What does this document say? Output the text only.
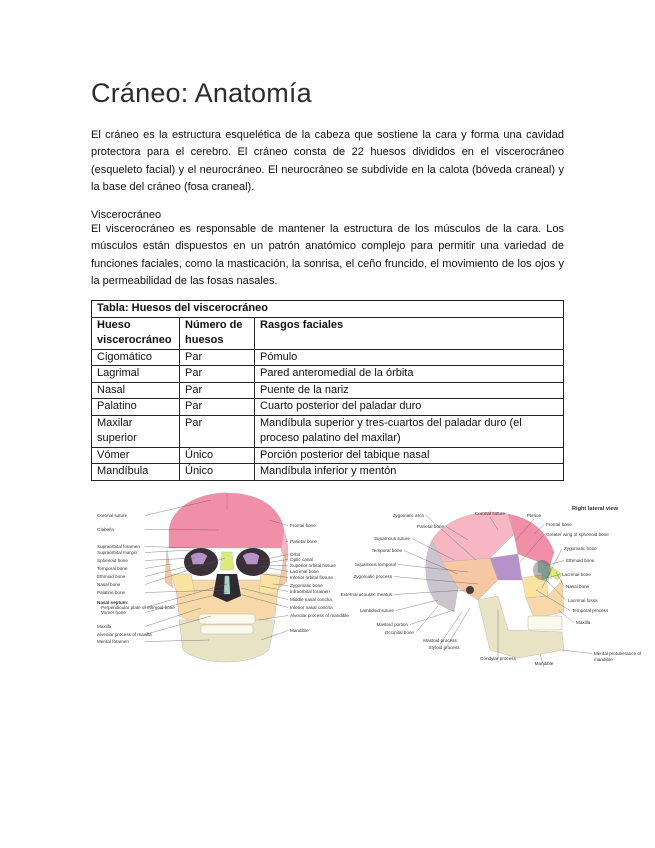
Cráneo: Anatomía

El cráneo es la estructura esquelética de la cabeza que sostiene la cara y forma una cavidad protectora para el cerebro. El cráneo consta de 22 huesos divididos en el viscerocráneo (esqueleto facial) y el neurocráneo. El neurocráneo se subdivide en la calota (bóveda craneal) y la base del cráneo (fosa craneal).

Viscerocráneo

El viscerocráneo es responsable de mantener la estructura de los músculos de la cara. Los músculos están dispuestos en un patrón anatómico complejo para permitir una variedad de funciones faciales, como la masticación, la sonrisa, el ceño fruncido, el movimiento de los ojos y la permeabilidad de las fosas nasales.

Tabla: Huesos del viscerocráneo		
Hueso viscerocráneo	Número de huesos	Rasgos faciales
Cigomático	Par	Pómulo
Lagrimal	Par	Pared anteromedial de la órbita
Nasal	Par	Puente de la nariz
Palatino	Par	Cuarto posterior del paladar duro
Maxilar superior	Par	Mandíbula superior y tres-cuartos del paladar duro (el proceso palatino del maxilar)
Vómer	Único	Porción posterior del tabique nasal
Mandíbula	Único	Mandíbula inferior y mentón
Coronal suture
Glabella
Supraorbital foramen
Supraorbital margin
Sphenoid bone
Temporal bone
Ethmoid bone
Nasal bone
Palatine bone
Nasal septum:
Perpendicular plate of ethmoid bone
Vomer bone
Maxilla
Alveolar process of maxilla
Mental foramen
Frontal bone
Parietal bone
Orbit
Optic canal
Superior orbital fissure
Lacrimal bone
Inferior orbital fissure
Zygomatic bone
Infraorbital foramen
Middle nasal concha
Inferior nasal concha
Alveolar process of mandible
Mandible
Right lateral view
Zygomatic arch	Coronal suture	Pterion
Parietal bone	Frontal bone
Squamous suture
Greater wing of sphenoid bone
Temporal bone	Zygomatic bone
Squamous temporal
Ethmoid bone
Zygomatic process	Lacrimal bone
Nasal bone
External acoustic meatus
Lacrimal fossa
Lambdoid suture	Temporal process
Mastoid portion	Maxilla
Occipital bone
Mastoid process
Styloid process
Condylar process
Mandible
Mental protuberance of
mandible
